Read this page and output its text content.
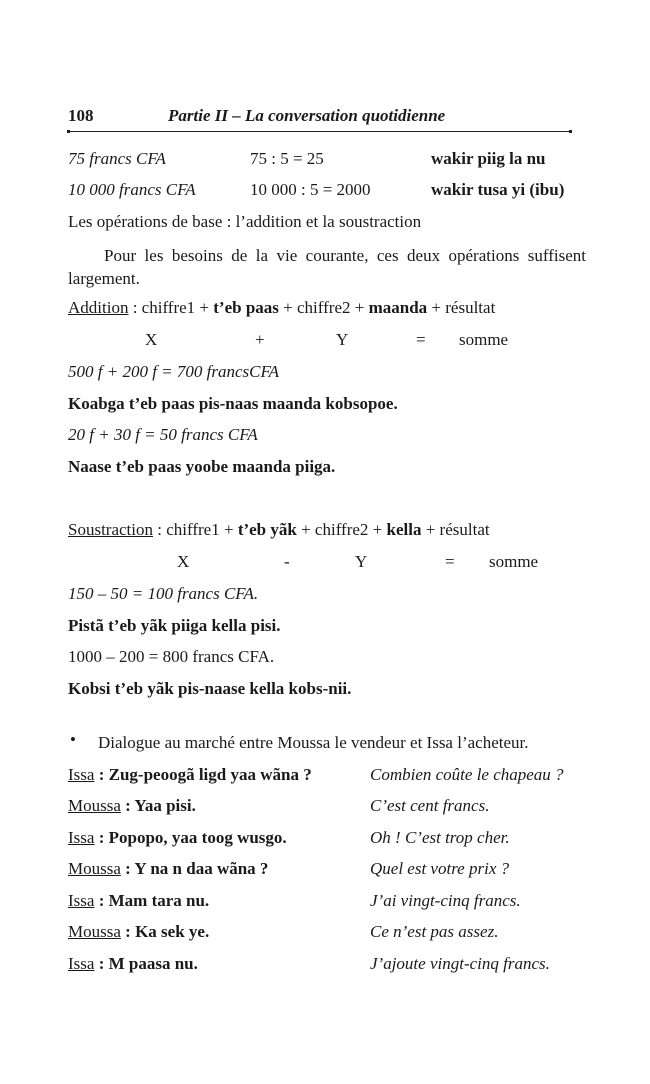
108	Partie II – La conversation quotidienne
75 francs CFA	75 : 5 = 25	wakir piig la nu
10 000 francs CFA	10 000 : 5 = 2000	wakir tusa yi (ibu)
Les opérations de base : l’addition et la soustraction
Pour les besoins de la vie courante, ces deux opérations suffisent largement.
Addition : chiffre1 + t’eb paas + chiffre2 + maanda + résultat
X	+	Y	= somme
500 f + 200 f = 700 francsCFA
Koabga t’eb paas pis-naas maanda kobsopoe.
20 f + 30 f = 50 francs CFA
Naase t’eb paas yoobe maanda piiga.
Soustraction : chiffre1 + t’eb yãk + chiffre2 + kella + résultat
X	-	Y	= somme
150 – 50 = 100 francs CFA.
Pistã t’eb yãk piiga kella pisi.
1000 – 200 = 800 francs CFA.
Kobsi t’eb yãk pis-naase kella kobs-nii.
• Dialogue au marché entre Moussa le vendeur et Issa l’acheteur.
Issa : Zug-peoogã ligd yaa wãna ?	Combien coûte le chapeau ?
Moussa : Yaa pisi.	C’est cent francs.
Issa : Popopo, yaa toog wusgo.	Oh ! C’est trop cher.
Moussa : Y na n daa wãna ?	Quel est votre prix ?
Issa : Mam tara nu.	J’ai vingt-cinq francs.
Moussa : Ka sek ye.	Ce n’est pas assez.
Issa : M paasa nu.	J’ajoute vingt-cinq francs.
